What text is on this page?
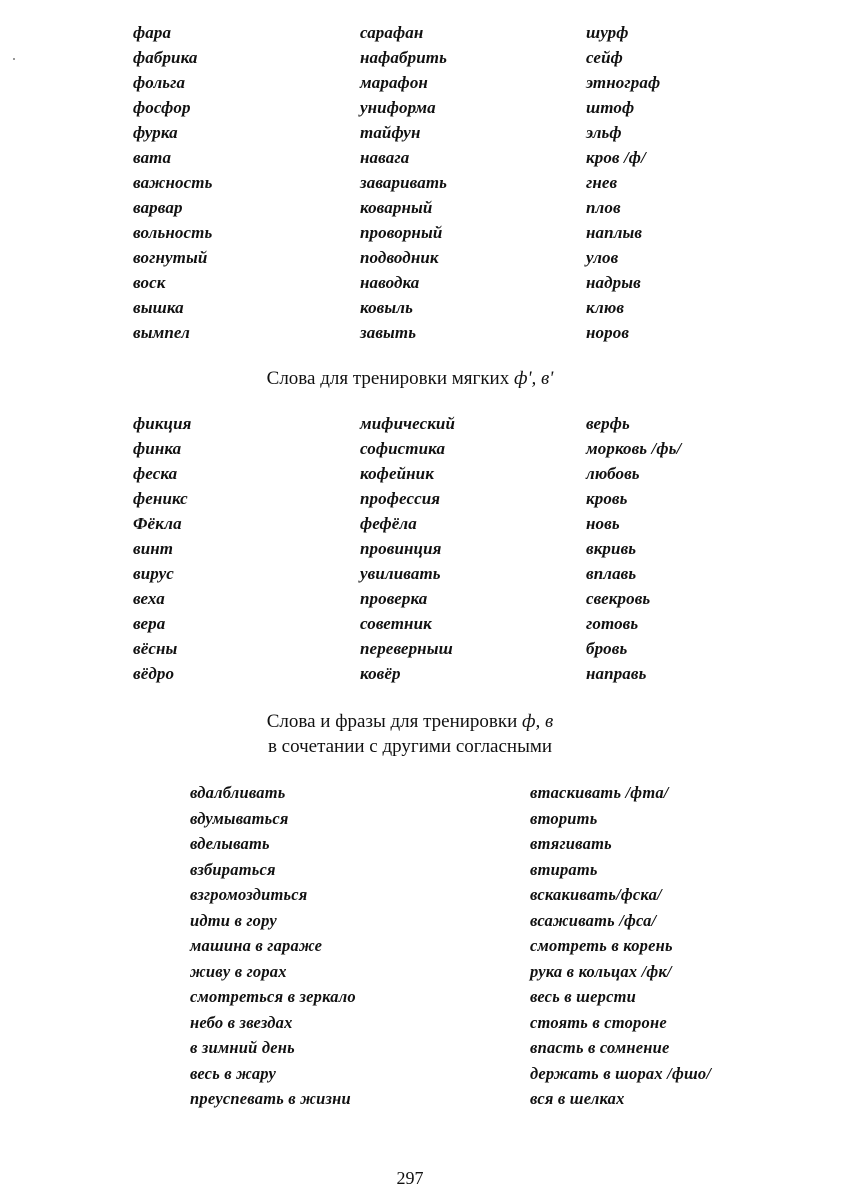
фара
фабрика
фольга
фосфор
фурка
вата
важность
варвар
вольность
вогнутый
воск
вышка
вымпел
сарафан
нафабрить
марафон
униформа
тайфун
навага
заваривать
коварный
проворный
подводник
наводка
ковыль
завыть
шурф
сейф
этнограф
штоф
эльф
кров /ф/
гнев
плов
наплыв
улов
надрыв
клюв
норов
Слова для тренировки мягких ф', в'
фикция
финка
феска
феникс
Фёкла
винт
вирус
веха
вера
вёсны
вёдро
мифический
софистика
кофейник
профессия
фефёла
провинция
увиливать
проверка
советник
переверныш
ковёр
верфь
морковь /фь/
любовь
кровь
новь
вкривь
вплавь
свекровь
готовь
бровь
направь
Слова и фразы для тренировки ф, в
в сочетании с другими согласными
вдалбливать
вдумываться
вделывать
взбираться
взгромоздиться
идти в гору
машина в гараже
живу в горах
смотреться в зеркало
небо в звездах
в зимний день
весь в жару
преуспевать в жизни
втаскивать /фта/
вторить
втягивать
втирать
вскакивать/фска/
всаживать /фса/
смотреть в корень
рука в кольцах /фк/
весь в шерсти
стоять в стороне
впасть в сомнение
держать в шорах /фшо/
вся в шелках
297
